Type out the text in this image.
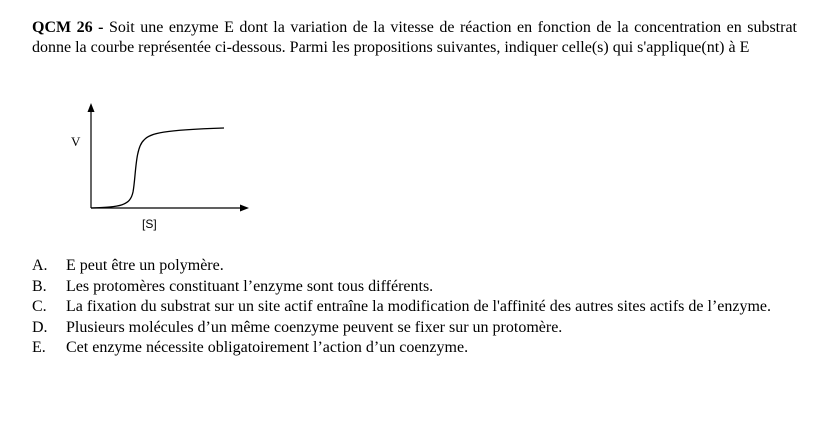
QCM 26 - Soit une enzyme E dont la variation de la vitesse de réaction en fonction de la concentration en substrat donne la courbe représentée ci-dessous. Parmi les propositions suivantes, indiquer celle(s) qui s'applique(nt) à E

V
[S]
A.	E peut être un polymère.
B.	Les protomères constituant l’enzyme sont tous différents.
C.	La fixation du substrat sur un site actif entraîne la modification de l'affinité des autres sites actifs de l’enzyme.
D.	Plusieurs molécules d’un même coenzyme peuvent se fixer sur un protomère.
E.	Cet enzyme nécessite obligatoirement l’action d’un coenzyme.
